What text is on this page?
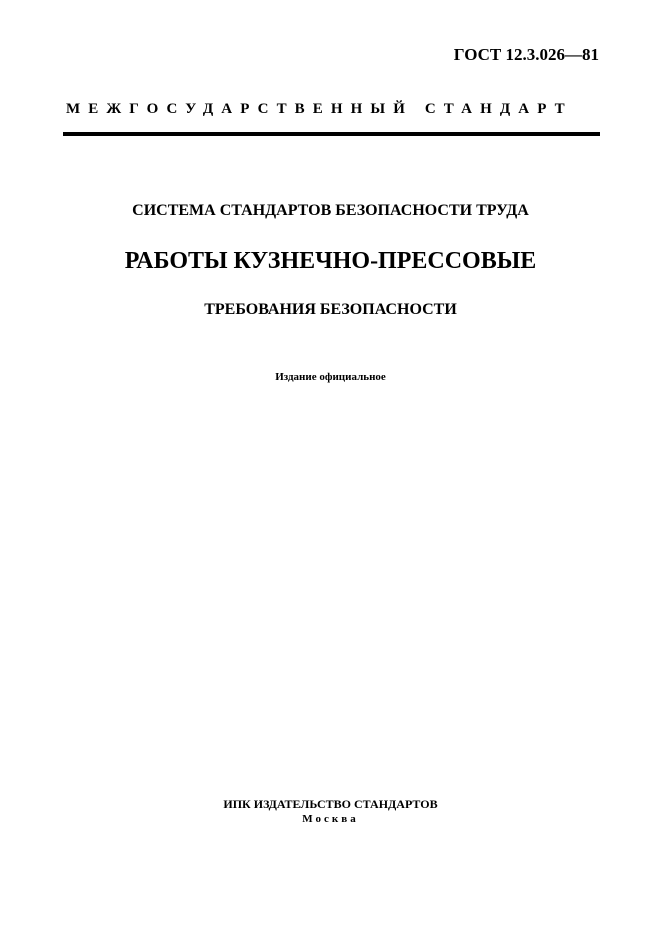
ГОСТ 12.3.026—81
МЕЖГОСУДАРСТВЕННЫЙ СТАНДАРТ
СИСТЕМА СТАНДАРТОВ БЕЗОПАСНОСТИ ТРУДА
РАБОТЫ КУЗНЕЧНО-ПРЕССОВЫЕ
ТРЕБОВАНИЯ БЕЗОПАСНОСТИ
Издание официальное
ИПК ИЗДАТЕЛЬСТВО СТАНДАРТОВ
Москва
